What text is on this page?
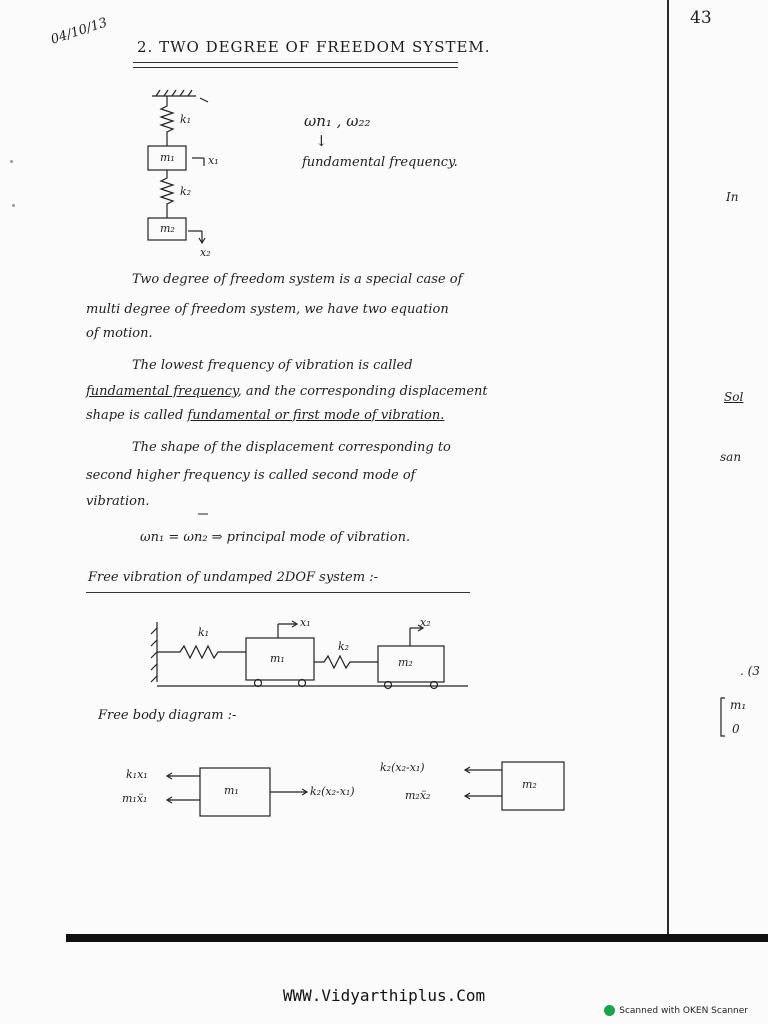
43
04/10/13 2. TWO DEGREE OF FREEDOM SYSTEM.
k₁
m₁	x₁
k₂
m₂
x₂
ωn₁ , ω₂₂
↓
fundamental frequency.
Two degree of freedom system is a special case of
multi degree of freedom system, we have two equation
of motion.
The lowest frequency of vibration is called
fundamental frequency, and the corresponding displacement
shape is called fundamental or first mode of vibration.
The shape of the displacement corresponding to
second higher frequency is called second mode of
vibration.
ωn₁ = ωn₂ ⇒ principal mode of vibration.
Free vibration of undamped 2DOF system :-
k₁
k₂
m₁	m₂
x₁	x₂
Free body diagram :-
m₁	m₂
k₁x₁
m₁ẍ₁
k₂(x₂-x₁)
k₂(x₂-x₁)
m₂ẍ₂
In
Sol
san
. (3
m₁
0
WWW.Vidyarthiplus.Com
Scanned with OKEN Scanner
